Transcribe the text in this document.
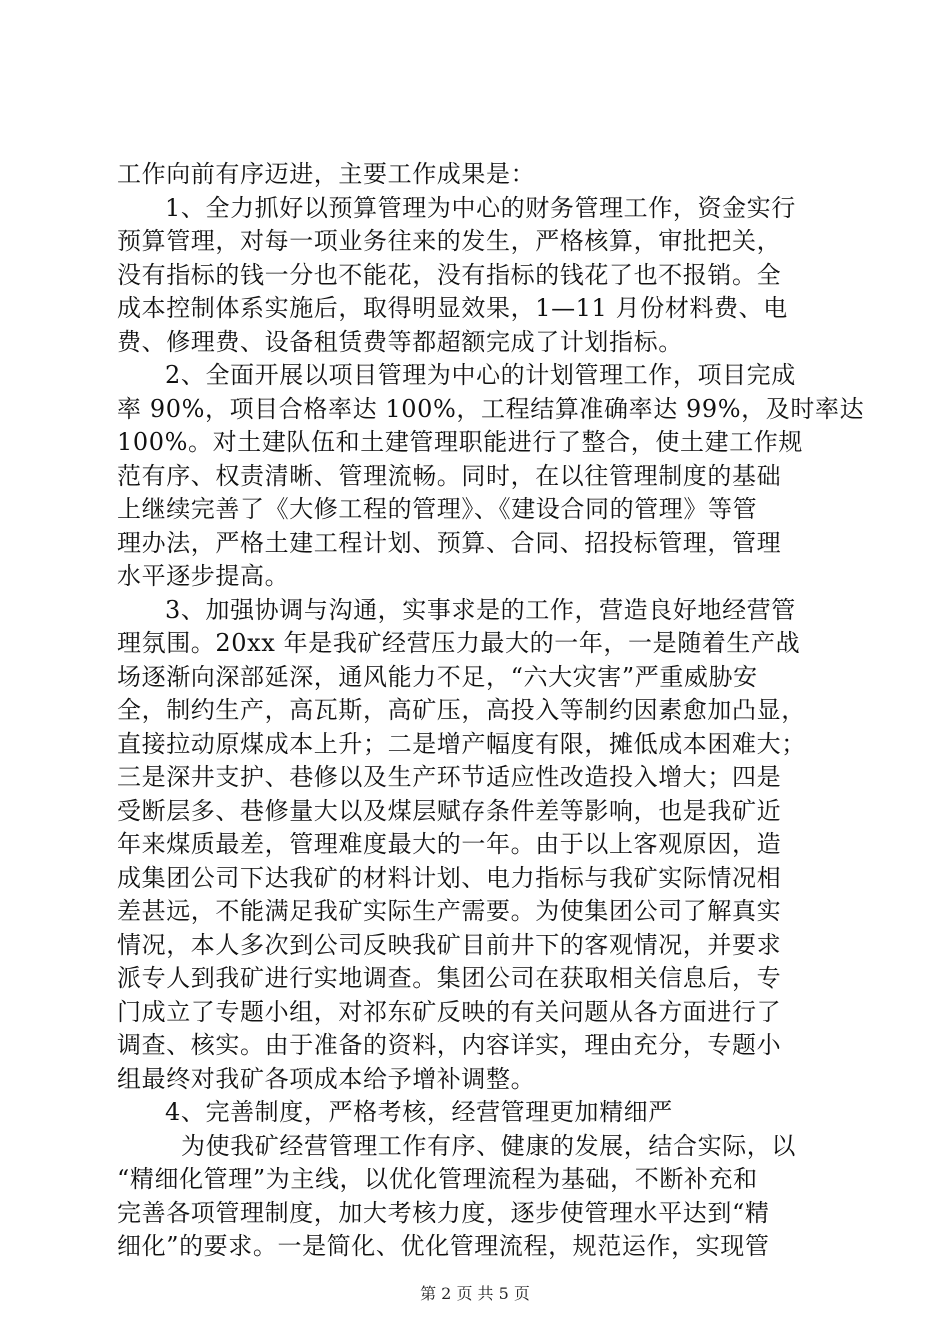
工作向前有序迈进，主要工作成果是：
1、全力抓好以预算管理为中心的财务管理工作，资金实行
预算管理，对每一项业务往来的发生，严格核算，审批把关，
没有指标的钱一分也不能花，没有指标的钱花了也不报销。全
成本控制体系实施后，取得明显效果，1—11 月份材料费、电
费、修理费、设备租赁费等都超额完成了计划指标。
2、全面开展以项目管理为中心的计划管理工作，项目完成
率 90%，项目合格率达 100%，工程结算准确率达 99%，及时率达
100%。对土建队伍和土建管理职能进行了整合，使土建工作规
范有序、权责清晰、管理流畅。同时，在以往管理制度的基础
上继续完善了《大修工程的管理》、《建设合同的管理》等管
理办法，严格土建工程计划、预算、合同、招投标管理，管理
水平逐步提高。
3、加强协调与沟通，实事求是的工作，营造良好地经营管
理氛围。20xx 年是我矿经营压力最大的一年，一是随着生产战
场逐渐向深部延深，通风能力不足，“六大灾害”严重威胁安
全，制约生产，高瓦斯，高矿压，高投入等制约因素愈加凸显，
直接拉动原煤成本上升；二是增产幅度有限，摊低成本困难大；
三是深井支护、巷修以及生产环节适应性改造投入增大；四是
受断层多、巷修量大以及煤层赋存条件差等影响，也是我矿近
年来煤质最差，管理难度最大的一年。由于以上客观原因，造
成集团公司下达我矿的材料计划、电力指标与我矿实际情况相
差甚远，不能满足我矿实际生产需要。为使集团公司了解真实
情况，本人多次到公司反映我矿目前井下的客观情况，并要求
派专人到我矿进行实地调查。集团公司在获取相关信息后，专
门成立了专题小组，对祁东矿反映的有关问题从各方面进行了
调查、核实。由于准备的资料，内容详实，理由充分，专题小
组最终对我矿各项成本给予增补调整。
4、完善制度，严格考核，经营管理更加精细严
为使我矿经营管理工作有序、健康的发展，结合实际，以
“精细化管理”为主线，以优化管理流程为基础，不断补充和
完善各项管理制度，加大考核力度，逐步使管理水平达到“精
细化”的要求。一是简化、优化管理流程，规范运作，实现管
第 2 页 共 5 页
